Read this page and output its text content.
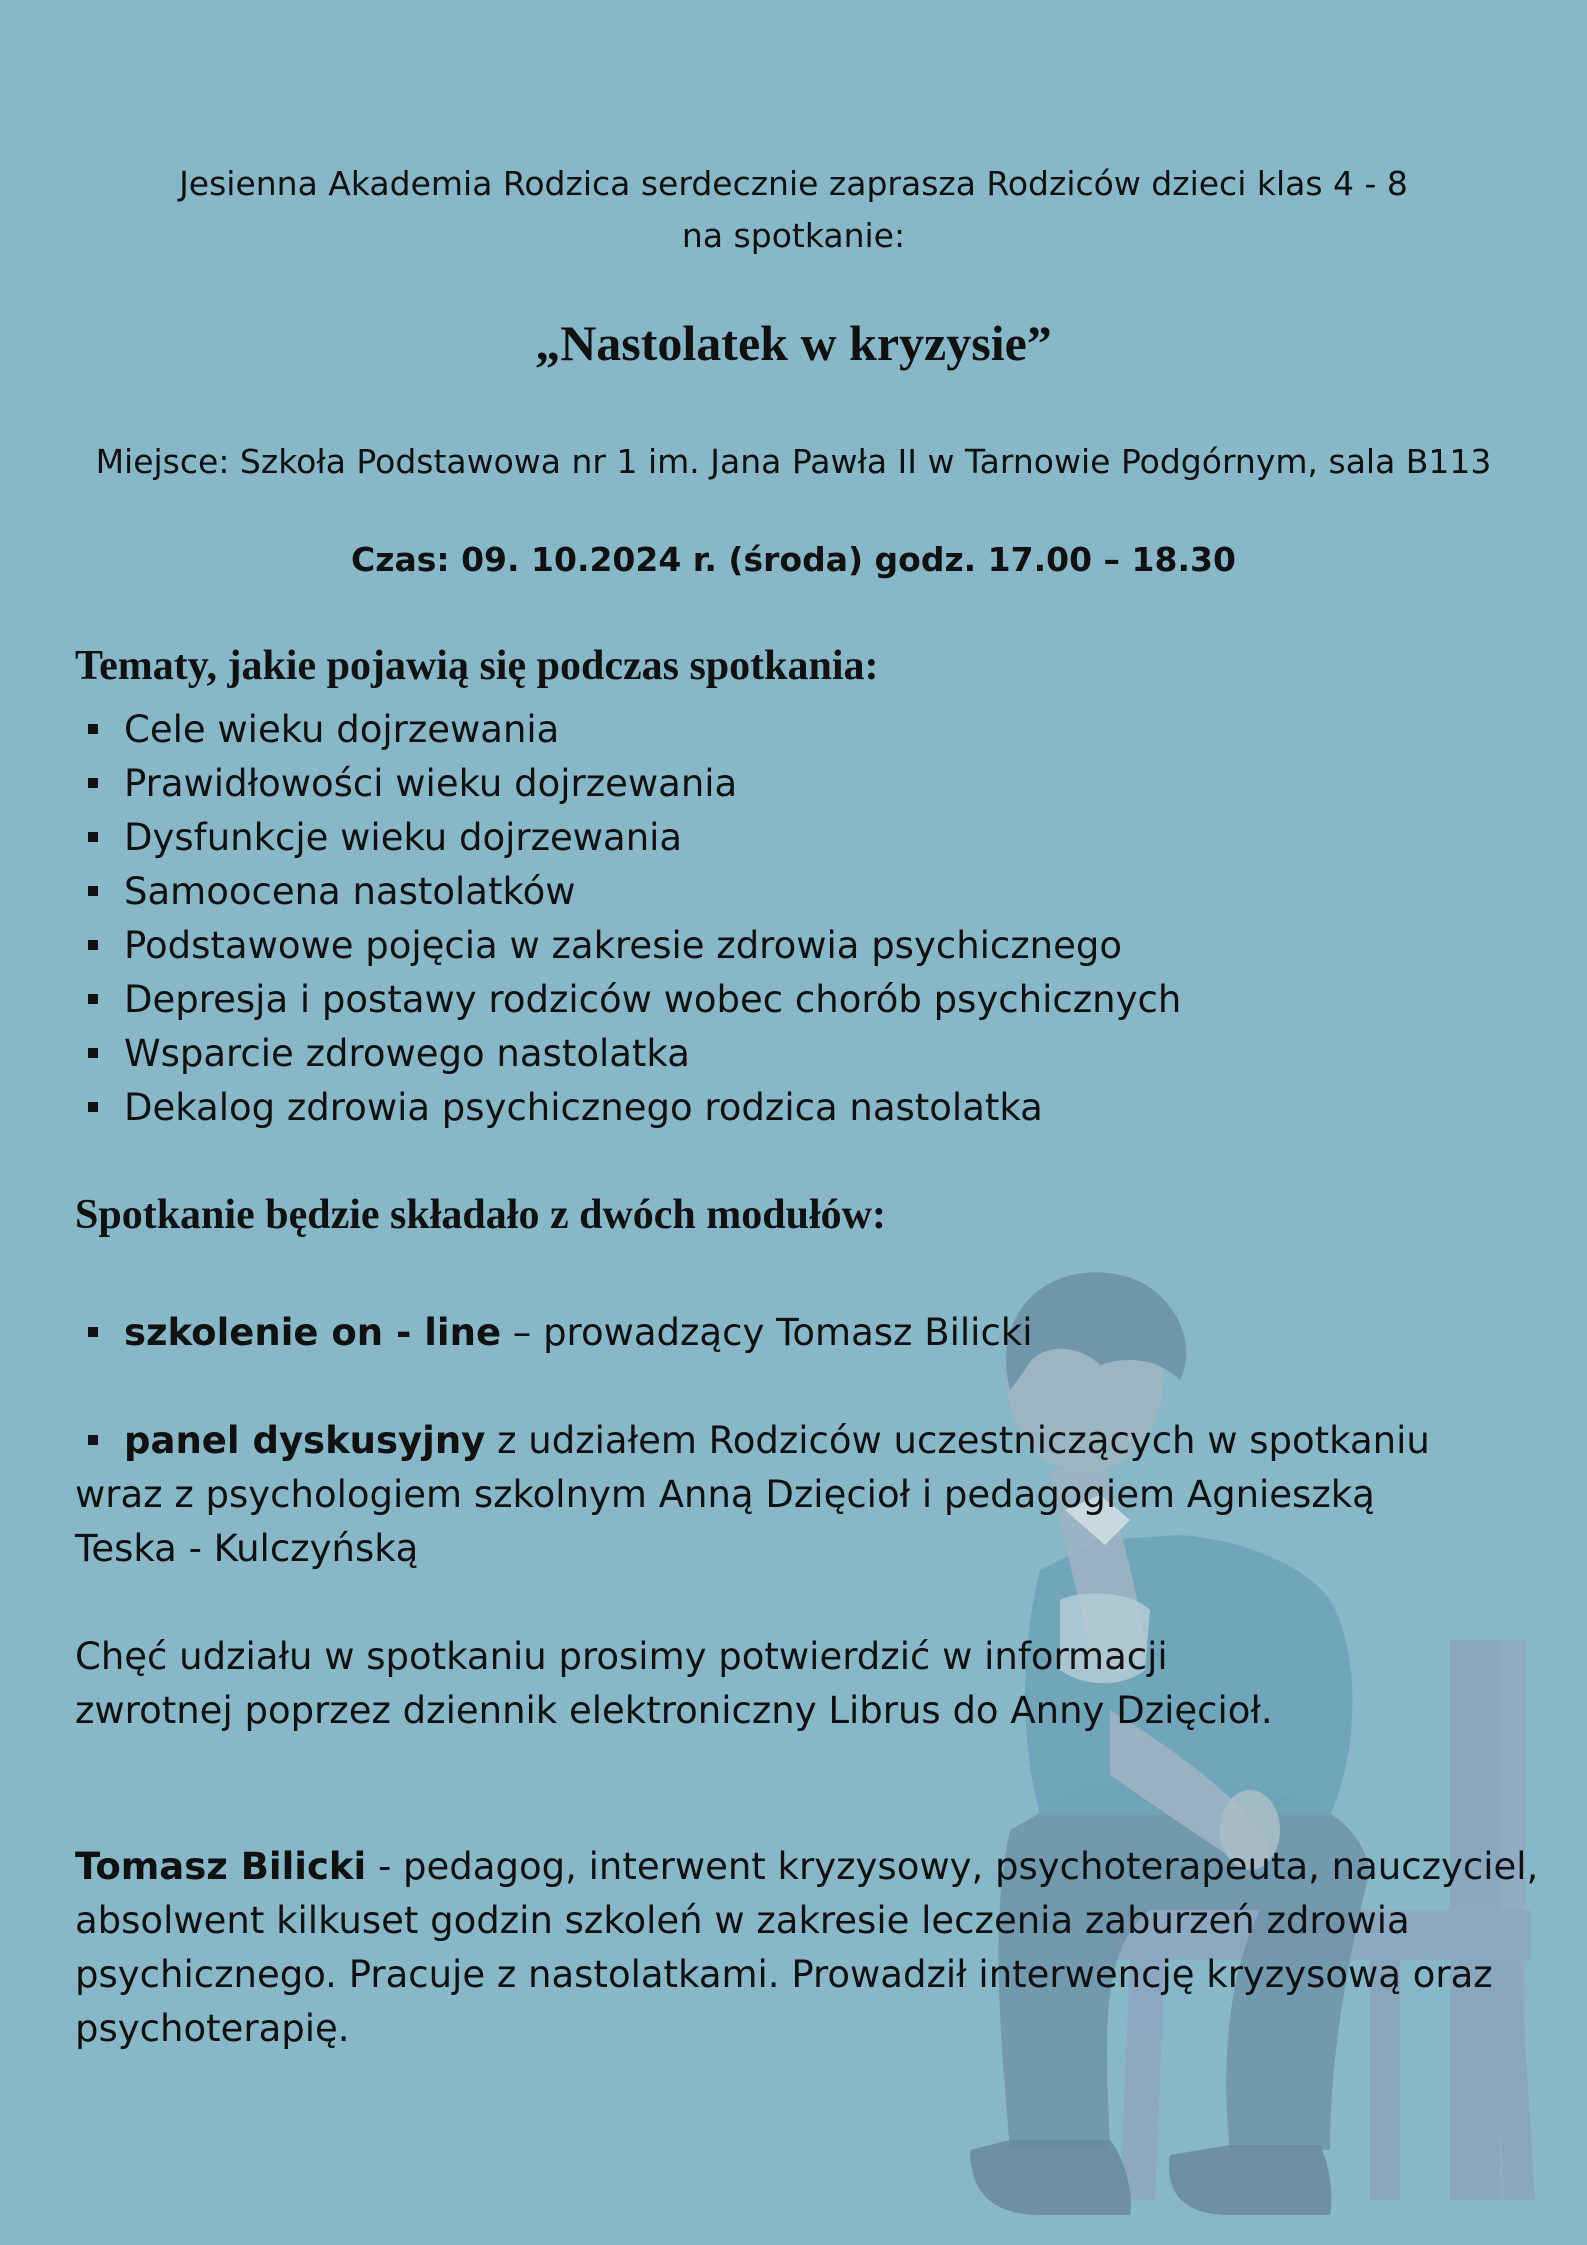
Jesienna Akademia Rodzica serdecznie zaprasza Rodziców dzieci klas 4 - 8
na spotkanie:
„Nastolatek w kryzysie”
Miejsce: Szkoła Podstawowa nr 1 im. Jana Pawła II w Tarnowie Podgórnym, sala B113
Czas: 09. 10.2024 r. (środa) godz. 17.00 – 18.30
Tematy, jakie pojawią się podczas spotkania:
Cele wieku dojrzewania
Prawidłowości wieku dojrzewania
Dysfunkcje wieku dojrzewania
Samoocena nastolatków
Podstawowe pojęcia w zakresie zdrowia psychicznego
Depresja i postawy rodziców wobec chorób psychicznych
Wsparcie zdrowego nastolatka
Dekalog zdrowia psychicznego rodzica nastolatka
Spotkanie będzie składało z dwóch modułów:
szkolenie on - line – prowadzący Tomasz Bilicki
panel dyskusyjny z udziałem Rodziców uczestniczących w spotkaniu
wraz z psychologiem szkolnym Anną Dzięcioł i pedagogiem Agnieszką
Teska - Kulczyńską
Chęć udziału w spotkaniu prosimy potwierdzić w informacji
zwrotnej poprzez dziennik elektroniczny Librus do Anny Dzięcioł.
Tomasz Bilicki - pedagog, interwent kryzysowy, psychoterapeuta, nauczyciel,
absolwent kilkuset godzin szkoleń w zakresie leczenia zaburzeń zdrowia
psychicznego. Pracuje z nastolatkami. Prowadził interwencję kryzysową oraz
psychoterapię.
